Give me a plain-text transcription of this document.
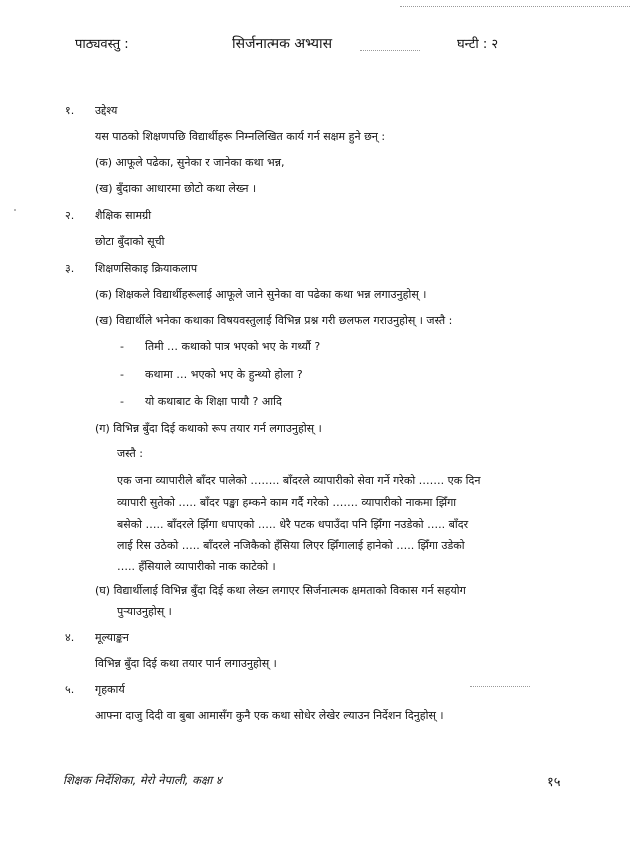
पाठ्यवस्तु :	सिर्जनात्मक अभ्यास	घन्टी : २
१. उद्देश्य
यस पाठको शिक्षणपछि विद्यार्थीहरू निम्नलिखित कार्य गर्न सक्षम हुने छन् :
(क) आफूले पढेका, सुनेका र जानेका कथा भन्न,
(ख) बुँदाका आधारमा छोटो कथा लेख्न ।
२. शैक्षिक सामग्री
छोटा बुँदाको सूची
३. शिक्षणसिकाइ क्रियाकलाप
(क) शिक्षकले विद्यार्थीहरूलाई आफूले जाने सुनेका वा पढेका कथा भन्न लगाउनुहोस् ।
(ख) विद्यार्थीले भनेका कथाका विषयवस्तुलाई विभिन्न प्रश्न गरी छलफल गराउनुहोस् । जस्तै :
- तिमी … कथाको पात्र भएको भए के गर्थ्यौ ?
- कथामा … भएको भए के हुन्थ्यो होला ?
- यो कथाबाट के शिक्षा पायौ ? आदि
(ग) विभिन्न बुँदा दिई कथाको रूप तयार गर्न लगाउनुहोस् ।
जस्तै :
एक जना व्यापारीले बाँदर पालेको …….. बाँदरले व्यापारीको सेवा गर्ने गरेको ……. एक दिन
व्यापारी सुतेको ….. बाँदर पङ्खा हम्कने काम गर्दै गरेको ……. व्यापारीको नाकमा झिँगा
बसेको ….. बाँदरले झिँगा धपाएको ….. धेरै पटक धपाउँदा पनि झिँगा नउडेको ….. बाँदर
लाई रिस उठेको ….. बाँदरले नजिकैको हँसिया लिएर झिँगालाई हानेको ….. झिँगा उडेको
….. हँसियाले व्यापारीको नाक काटेको ।
(घ) विद्यार्थीलाई विभिन्न बुँदा दिई कथा लेख्न लगाएर सिर्जनात्मक क्षमताको विकास गर्न सहयोग
पुऱ्याउनुहोस् ।
४. मूल्याङ्कन
विभिन्न बुँदा दिई कथा तयार पार्न लगाउनुहोस् ।
५. गृहकार्य
आफ्ना दाजु दिदी वा बुबा आमासँग कुनै एक कथा सोधेर लेखेर ल्याउन निर्देशन दिनुहोस् ।
शिक्षक निर्देशिका, मेरो नेपाली, कक्षा ४	१५
